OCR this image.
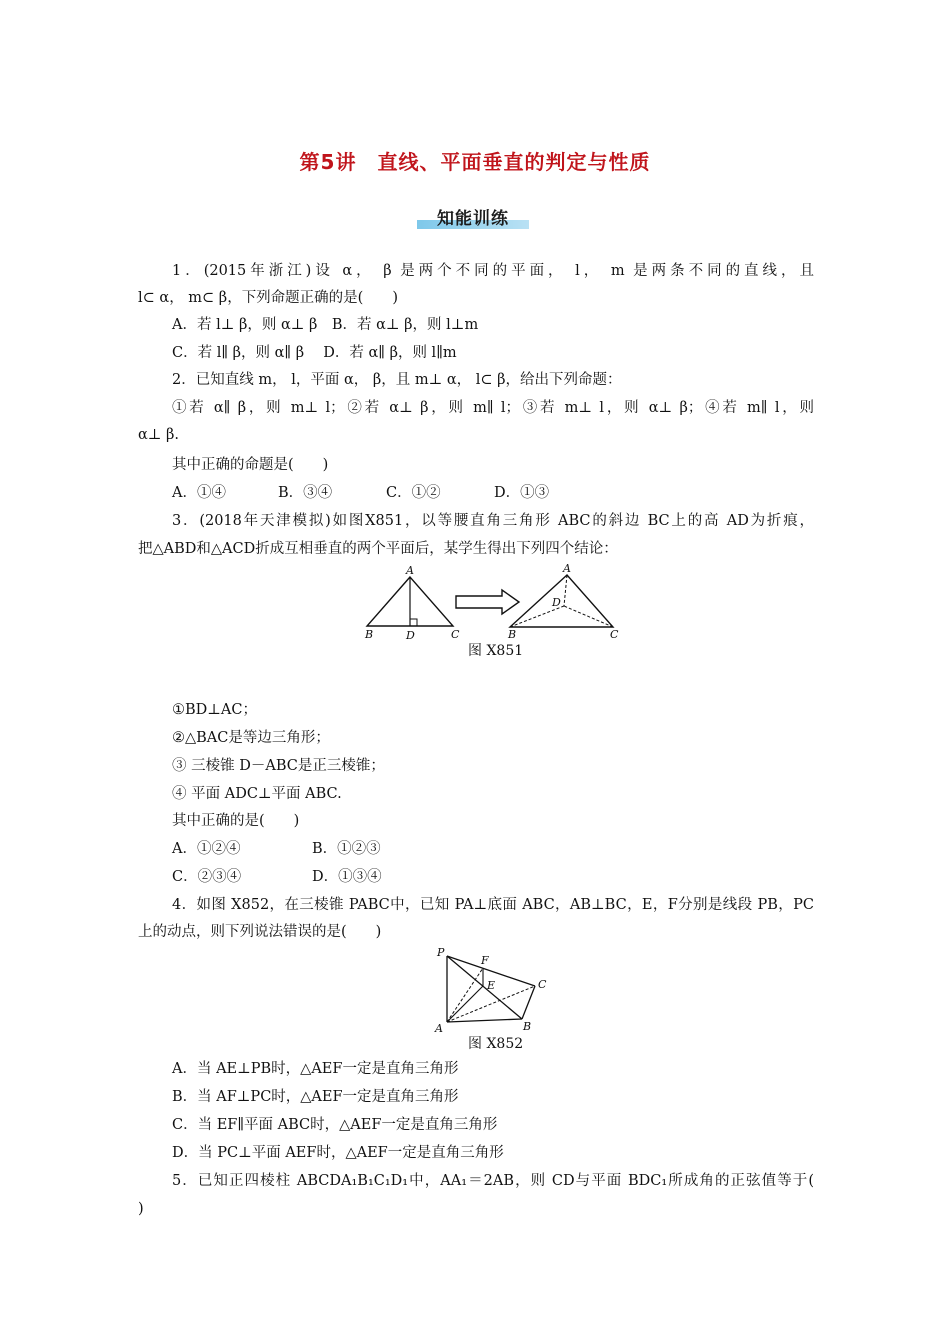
第5讲　直线、平面垂直的判定与性质
知能训练
1．(2015年浙江)设 α， β 是两个不同的平面， l， m 是两条不同的直线，且
l⊂ α， m⊂ β，下列命题正确的是(　　)
A．若 l⊥ β，则 α⊥ β　B．若 α⊥ β，则 l⊥m
C．若 l∥ β，则 α∥ β　 D．若 α∥ β，则 l∥m
2．已知直线 m， l，平面 α， β，且 m⊥ α， l⊂ β，给出下列命题：
①若 α∥ β，则 m⊥ l；②若 α⊥ β，则 m∥ l；③若 m⊥ l，则 α⊥ β；④若 m∥ l，则
α⊥ β.
其中正确的命题是(　　)
A．①④	B．③④	C．①②	D．①③
3．(2018年天津模拟)如图X851，以等腰直角三角形 ABC的斜边 BC上的高 AD为折痕，
把△ABD和△ACD折成互相垂直的两个平面后，某学生得出下列四个结论：
A
B	D	C
A
D
B	C
图 X851
①BD⊥AC；
②△BAC是等边三角形；
③ 三棱锥 D－ABC是正三棱锥；
④ 平面 ADC⊥平面 ABC.
其中正确的是(　　)
A．①②④	B．①②③
C．②③④	D．①③④
4．如图 X852，在三棱锥 PABC中，已知 PA⊥底面 ABC，AB⊥BC，E，F分别是线段 PB，PC
上的动点，则下列说法错误的是(　　)
P
F
E	C
A	B
图 X852
A．当 AE⊥PB时，△AEF一定是直角三角形
B．当 AF⊥PC时，△AEF一定是直角三角形
C．当 EF∥平面 ABC时，△AEF一定是直角三角形
D．当 PC⊥平面 AEF时，△AEF一定是直角三角形
5．已知正四棱柱 ABCDA₁B₁C₁D₁中，AA₁＝2AB，则 CD与平面 BDC₁所成角的正弦值等于(
)
